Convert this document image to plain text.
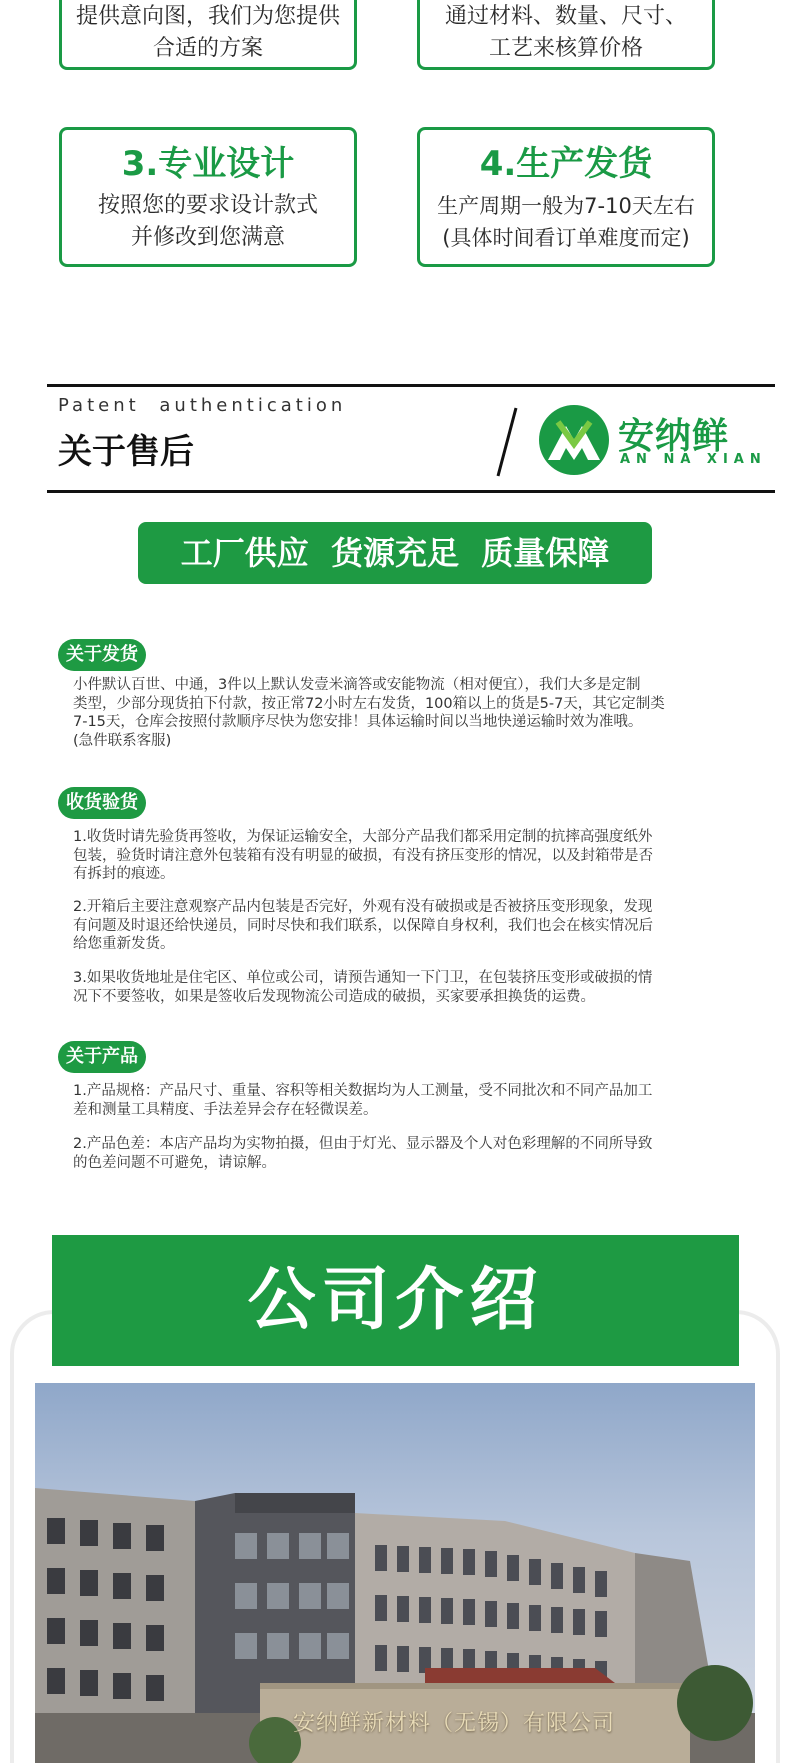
提供意向图，我们为您提供
合适的方案
通过材料、数量、尺寸、
工艺来核算价格
3.专业设计
按照您的要求设计款式
并修改到您满意
4.生产发货
生产周期一般为7-10天左右
(具体时间看订单难度而定)
Patent authentication
关于售后	安纳鲜
AN NA XIAN
工厂供应  货源充足  质量保障
关于发货
小件默认百世、中通，3件以上默认发壹米滴答或安能物流（相对便宜），我们大多是定制
类型，少部分现货拍下付款，按正常72小时左右发货，100箱以上的货是5-7天，其它定制类
7-15天，仓库会按照付款顺序尽快为您安排！具体运输时间以当地快递运输时效为准哦。
(急件联系客服)
收货验货
1.收货时请先验货再签收，为保证运输安全，大部分产品我们都采用定制的抗摔高强度纸外
包装，验货时请注意外包装箱有没有明显的破损，有没有挤压变形的情况，以及封箱带是否
有拆封的痕迹。
2.开箱后主要注意观察产品内包装是否完好，外观有没有破损或是否被挤压变形现象，发现
有问题及时退还给快递员，同时尽快和我们联系，以保障自身权利，我们也会在核实情况后
给您重新发货。
3.如果收货地址是住宅区、单位或公司，请预告通知一下门卫，在包装挤压变形或破损的情
况下不要签收，如果是签收后发现物流公司造成的破损，买家要承担换货的运费。
关于产品
1.产品规格：产品尺寸、重量、容积等相关数据均为人工测量，受不同批次和不同产品加工
差和测量工具精度、手法差异会存在轻微误差。
2.产品色差：本店产品均为实物拍摄，但由于灯光、显示器及个人对色彩理解的不同所导致
的色差问题不可避免，请谅解。
公司介绍
安纳鲜新材料（无锡）有限公司
